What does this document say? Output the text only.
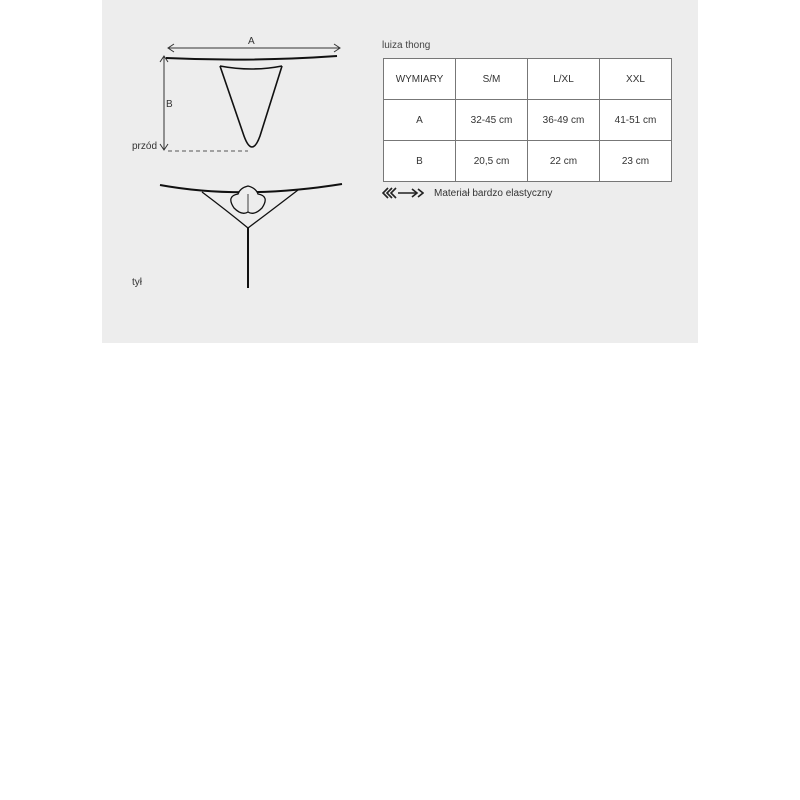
A
B
przód
tył
luiza thong
WYMIARY	S/M	L/XL	XXL
A	32-45 cm	36-49 cm	41-51 cm
B	20,5 cm	22 cm	23 cm
Materiał bardzo elastyczny
